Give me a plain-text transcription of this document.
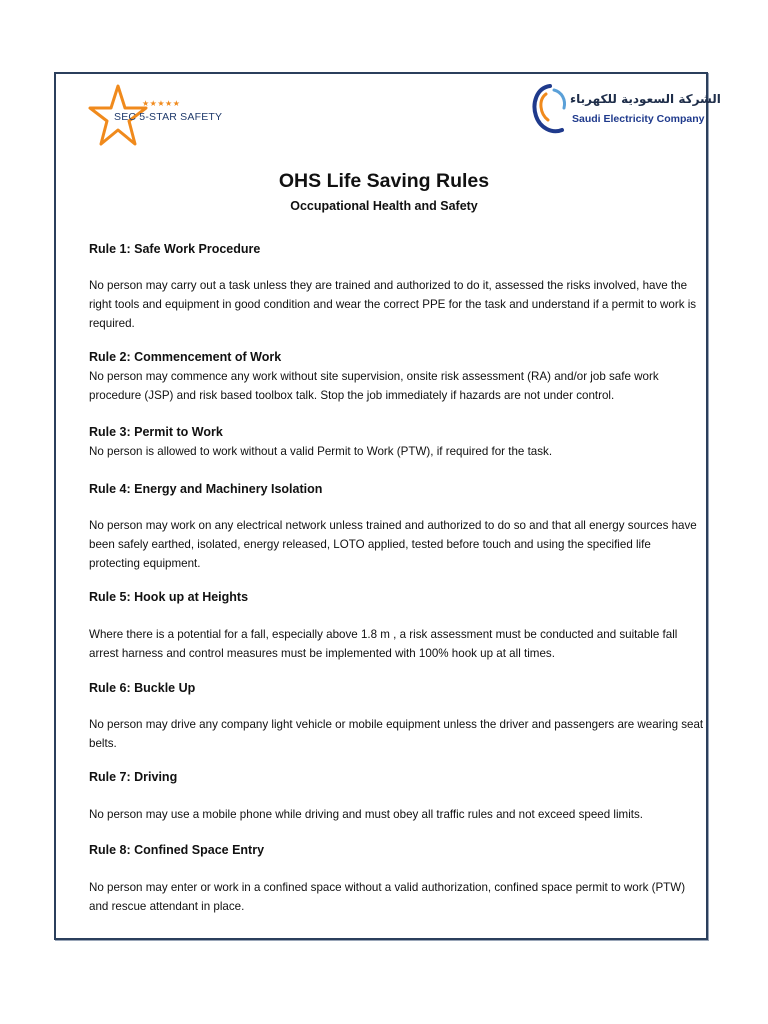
★★★★★
SEC 5-STAR SAFETY
الشركة السعودية للكهرباء
Saudi Electricity Company
OHS Life Saving Rules
Occupational Health and Safety
Rule 1: Safe Work Procedure
No person may carry out a task unless they are trained and authorized to do it, assessed the risks involved, have the right tools and equipment in good condition and wear the correct PPE for the task and understand if a permit to work is required.
Rule 2: Commencement of Work
No person may commence any work without site supervision, onsite risk assessment (RA) and/or job safe work procedure (JSP) and risk based toolbox talk. Stop the job immediately if hazards are not under control.
Rule 3: Permit to Work
No person is allowed to work without a valid Permit to Work (PTW), if required for the task.
Rule 4: Energy and Machinery Isolation
No person may work on any electrical network unless trained and authorized to do so and that all energy sources have been safely earthed, isolated, energy released, LOTO applied, tested before touch and using the specified life protecting equipment.
Rule 5: Hook up at Heights
Where there is a potential for a fall, especially above 1.8 m , a risk assessment must be conducted and suitable fall arrest harness and control measures must be implemented with 100% hook up at all times.
Rule 6: Buckle Up
No person may drive any company light vehicle or mobile equipment unless the driver and passengers are wearing seat belts.
Rule 7: Driving
No person may use a mobile phone while driving and must obey all traffic rules and not exceed speed limits.
Rule 8: Confined Space Entry
No person may enter or work in a confined space without a valid authorization, confined space permit to work (PTW) and rescue attendant in place.
